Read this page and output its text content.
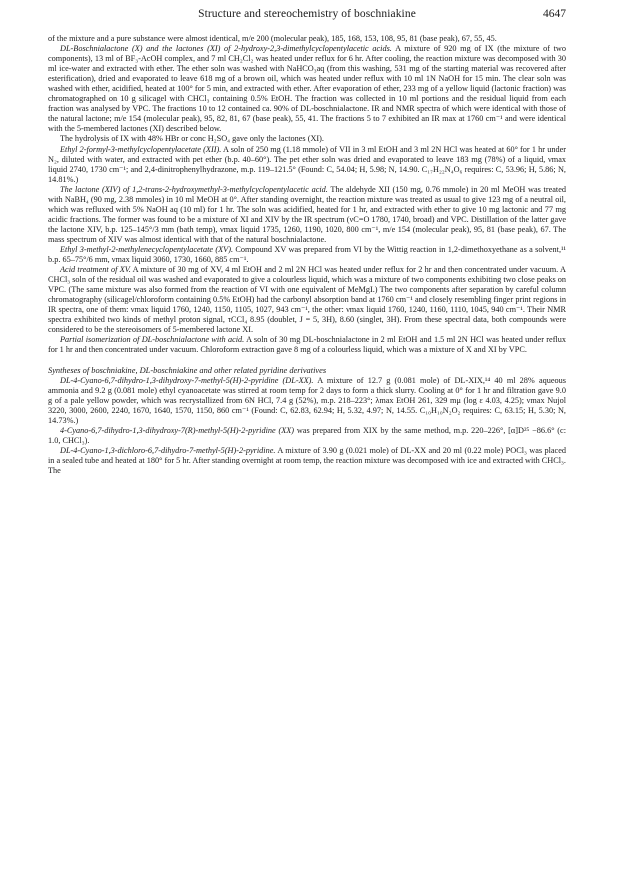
Structure and stereochemistry of boschniakine	4647

of the mixture and a pure substance were almost identical, m/e 200 (molecular peak), 185, 168, 153, 108, 95, 81 (base peak), 67, 55, 45.

DL-Boschnialactone (X) and the lactones (XI) of 2-hydroxy-2,3-dimethylcyclopentylacetic acids. A mixture of 920 mg of IX (the mixture of two components), 13 ml of BF₃-AcOH complex, and 7 ml CH₂Cl₂ was heated under reflux for 6 hr. After cooling, the reaction mixture was decomposed with 30 ml ice-water and extracted with ether. The ether soln was washed with NaHCO₃aq (from this washing, 531 mg of the starting material was recovered after esterification), dried and evaporated to leave 618 mg of a brown oil, which was heated under reflux with 10 ml 1N NaOH for 15 min. The clear soln was washed with ether, acidified, heated at 100° for 5 min, and extracted with ether. After evaporation of ether, 233 mg of a yellow liquid (lactonic fraction) was chromatographed on 10 g silicagel with CHCl₃ containing 0.5% EtOH. The fraction was collected in 10 ml portions and the residual liquid from each fraction was analysed by VPC. The fractions 10 to 12 contained ca. 90% of DL-boschnialactone. IR and NMR spectra of which were identical with those of the natural lactone; m/e 154 (molecular peak), 95, 82, 81, 67 (base peak), 55, 41. The fractions 5 to 7 exhibited an IR max at 1760 cm⁻¹ and were identical with the 5-membered lactones (XI) described below.

The hydrolysis of IX with 48% HBr or conc H₂SO₄ gave only the lactones (XI).

Ethyl 2-formyl-3-methylcyclopentylacetate (XII). A soln of 250 mg (1.18 mmole) of VII in 3 ml EtOH and 3 ml 2N HCl was heated at 60° for 1 hr under N₂, diluted with water, and extracted with pet ether (b.p. 40–60°). The pet ether soln was dried and evaporated to leave 183 mg (78%) of a liquid, νmax liquid 2740, 1730 cm⁻¹; and 2,4-dinitrophenylhydrazone, m.p. 119–121.5° (Found: C, 54.04; H, 5.98; N, 14.90. C₁₇H₂₂N₄O₆ requires: C, 53.96; H, 5.86; N, 14.81%.)

The lactone (XIV) of 1,2-trans-2-hydroxymethyl-3-methylcyclopentylacetic acid. The aldehyde XII (150 mg, 0.76 mmole) in 20 ml MeOH was treated with NaBH₄ (90 mg, 2.38 mmoles) in 10 ml MeOH at 0°. After standing overnight, the reaction mixture was treated as usual to give 123 mg of a neutral oil, which was refluxed with 5% NaOH aq (10 ml) for 1 hr. The soln was acidified, heated for 1 hr, and extracted with ether to give 10 mg lactonic and 77 mg acidic fractions. The former was found to be a mixture of XI and XIV by the IR spectrum (νC=O 1780, 1740, broad) and VPC. Distillation of the latter gave the lactone XIV, b.p. 125–145°/3 mm (bath temp), νmax liquid 1735, 1260, 1190, 1020, 800 cm⁻¹, m/e 154 (molecular peak), 95, 81 (base peak), 67. The mass spectrum of XIV was almost identical with that of the natural boschnialactone.

Ethyl 3-methyl-2-methylenecyclopentylacetate (XV). Compound XV was prepared from VI by the Wittig reaction in 1,2-dimethoxyethane as a solvent,¹¹ b.p. 65–75°/6 mm, νmax liquid 3060, 1730, 1660, 885 cm⁻¹.

Acid treatment of XV. A mixture of 30 mg of XV, 4 ml EtOH and 2 ml 2N HCl was heated under reflux for 2 hr and then concentrated under vacuum. A CHCl₃ soln of the residual oil was washed and evaporated to give a colourless liquid, which was a mixture of two components exhibiting two close peaks on VPC. (The same mixture was also formed from the reaction of VI with one equivalent of MeMgI.) The two components after separation by careful column chromatography (silicagel/chloroform containing 0.5% EtOH) had the carbonyl absorption band at 1760 cm⁻¹ and closely resembling finger print regions in IR spectra, one of them: νmax liquid 1760, 1240, 1150, 1105, 1027, 943 cm⁻¹, the other: νmax liquid 1760, 1240, 1160, 1110, 1045, 940 cm⁻¹. Their NMR spectra exhibited two kinds of methyl proton signal, τCCl₄ 8.95 (doublet, J = 5, 3H), 8.60 (singlet, 3H). From these spectral data, both compounds were considered to be the stereoisomers of 5-membered lactone XI.

Partial isomerization of DL-boschnialactone with acid. A soln of 30 mg DL-boschnialactone in 2 ml EtOH and 1.5 ml 2N HCl was heated under reflux for 1 hr and then concentrated under vacuum. Chloroform extraction gave 8 mg of a colourless liquid, which was a mixture of X and XI by VPC.

Syntheses of boschniakine, DL-boschniakine and other related pyridine derivatives

DL-4-Cyano-6,7-dihydro-1,3-dihydroxy-7-methyl-5(H)-2-pyridine (DL-XX). A mixture of 12.7 g (0.081 mole) of DL-XIX,¹⁴ 40 ml 28% aqueous ammonia and 9.2 g (0.081 mole) ethyl cyanoacetate was stirred at room temp for 2 days to form a thick slurry. Cooling at 0° for 1 hr and filtration gave 9.0 g of a pale yellow powder, which was recrystallized from 6N HCl, 7.4 g (52%), m.p. 218–223°; λmax EtOH 261, 329 mμ (log ε 4.03, 4.25); νmax Nujol 3220, 3000, 2600, 2240, 1670, 1640, 1570, 1150, 860 cm⁻¹ (Found: C, 62.83, 62.94; H, 5.32, 4.97; N, 14.55. C₁₀H₁₀N₂O₂ requires: C, 63.15; H, 5.30; N, 14.73%.)

4-Cyano-6,7-dihydro-1,3-dihydroxy-7(R)-methyl-5(H)-2-pyridine (XX) was prepared from XIX by the same method, m.p. 220–226°, [α]D²⁵ −86.6° (c: 1.0, CHCl₃).

DL-4-Cyano-1,3-dichloro-6,7-dihydro-7-methyl-5(H)-2-pyridine. A mixture of 3.90 g (0.021 mole) of DL-XX and 20 ml (0.22 mole) POCl₃ was placed in a sealed tube and heated at 180° for 5 hr. After standing overnight at room temp, the reaction mixture was decomposed with ice and extracted with CHCl₃. The
